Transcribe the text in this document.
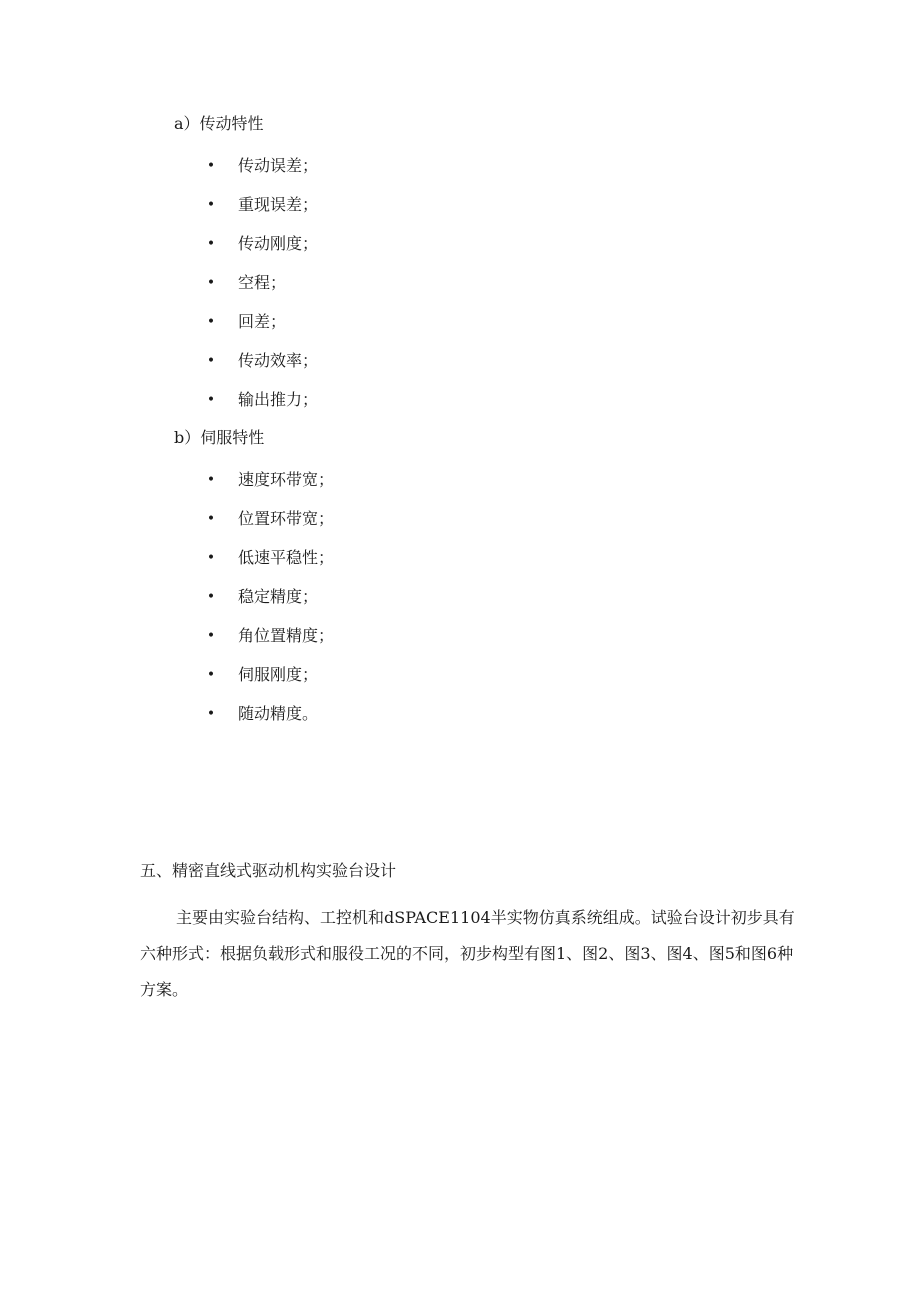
a）传动特性
• 传动误差；
• 重现误差；
• 传动刚度；
• 空程；
• 回差；
• 传动效率；
• 输出推力；
b）伺服特性
• 速度环带宽；
• 位置环带宽；
• 低速平稳性；
• 稳定精度；
• 角位置精度；
• 伺服刚度；
• 随动精度。
五、精密直线式驱动机构实验台设计

主要由实验台结构、工控机和dSPACE1104半实物仿真系统组成。试验台设计初步具有六种形式：根据负载形式和服役工况的不同，初步构型有图1、图2、图3、图4、图5和图6种方案。
